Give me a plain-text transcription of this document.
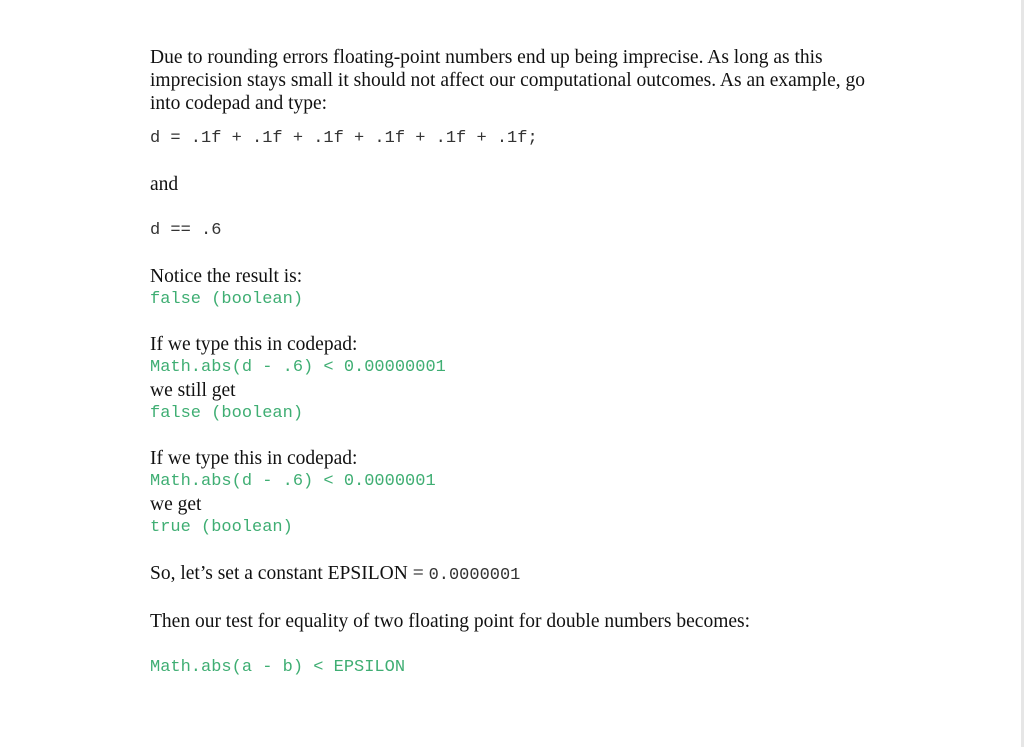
Due to rounding errors floating-point numbers end up being imprecise. As long as this imprecision stays small it should not affect our computational outcomes. As an example, go into codepad and type:

d = .1f + .1f + .1f + .1f + .1f + .1f;

and

d == .6

Notice the result is:

false (boolean)

If we type this in codepad:

Math.abs(d - .6) < 0.00000001

we still get

false (boolean)

If we type this in codepad:

Math.abs(d - .6) < 0.0000001

we get

true (boolean)

So, let’s set a constant EPSILON = 0.0000001

Then our test for equality of two floating point for double numbers becomes:

Math.abs(a - b) < EPSILON
